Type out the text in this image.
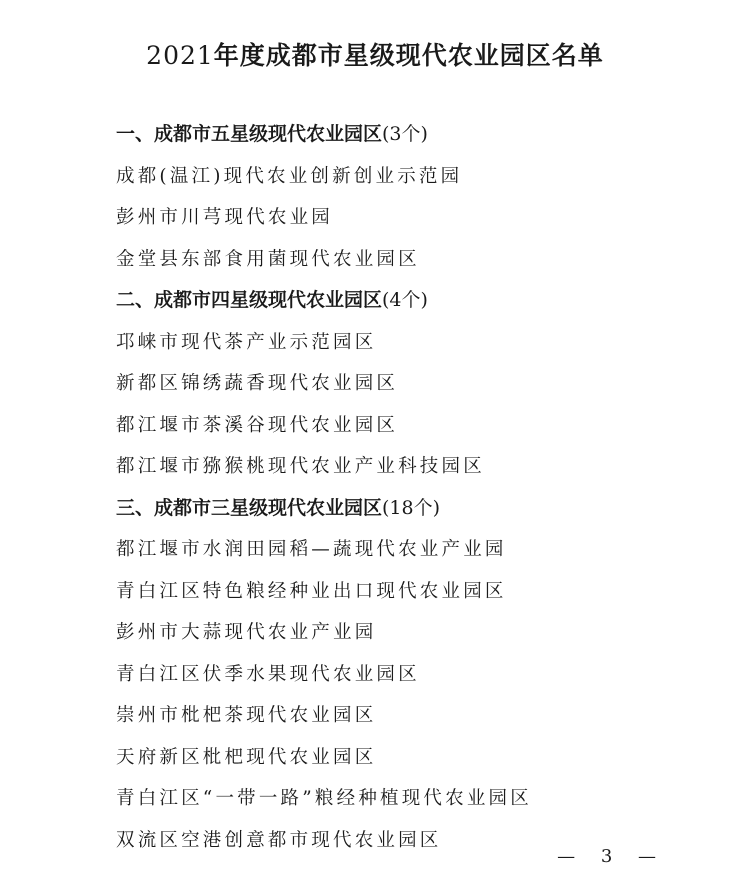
2021年度成都市星级现代农业园区名单
一、成都市五星级现代农业园区(3个)
成都(温江)现代农业创新创业示范园
彭州市川芎现代农业园
金堂县东部食用菌现代农业园区
二、成都市四星级现代农业园区(4个)
邛崃市现代茶产业示范园区
新都区锦绣蔬香现代农业园区
都江堰市茶溪谷现代农业园区
都江堰市猕猴桃现代农业产业科技园区
三、成都市三星级现代农业园区(18个)
都江堰市水润田园稻—蔬现代农业产业园
青白江区特色粮经种业出口现代农业园区
彭州市大蒜现代农业产业园
青白江区伏季水果现代农业园区
崇州市枇杷茶现代农业园区
天府新区枇杷现代农业园区
青白江区“一带一路”粮经种植现代农业园区
双流区空港创意都市现代农业园区
— 3 —
